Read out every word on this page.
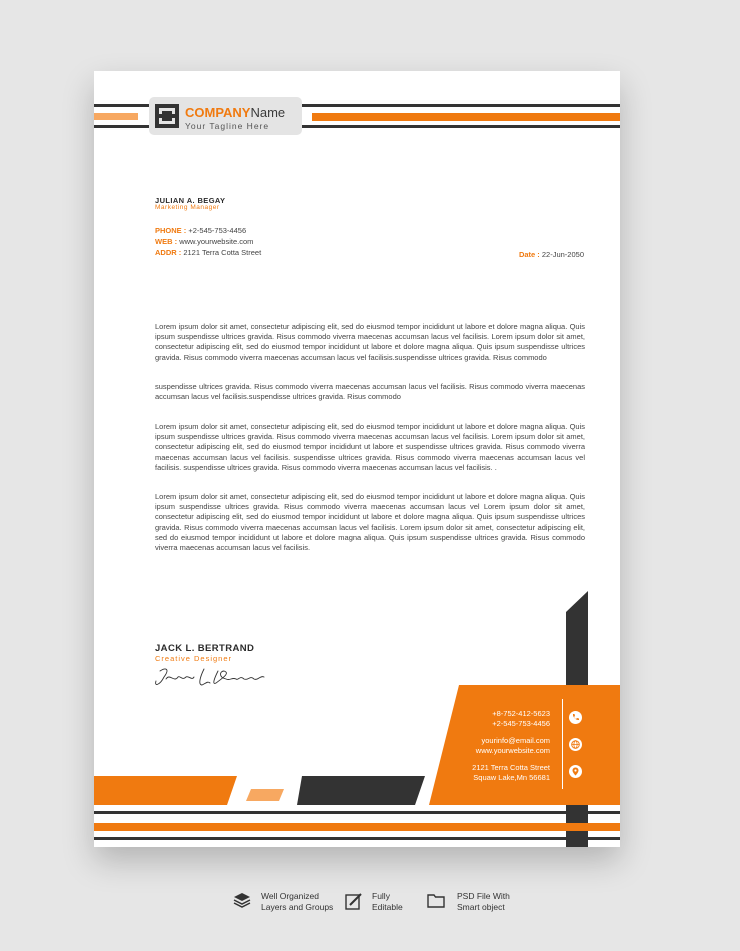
COMPANYName
Your Tagline Here
JULIAN A. BEGAY
Marketing Manager
PHONE : +2-545-753-4456
WEB : www.yourwebsite.com
ADDR : 2121 Terra Cotta Street	Date : 22-Jun-2050
Lorem ipsum dolor sit amet, consectetur adipiscing elit, sed do eiusmod tempor incididunt ut labore et dolore magna aliqua. Quis ipsum suspendisse ultrices gravida. Risus commodo viverra maecenas accumsan lacus vel facilisis. Lorem ipsum dolor sit amet, consectetur adipiscing elit, sed do eiusmod tempor incididunt ut labore et dolore magna aliqua. Quis ipsum suspendisse ultrices gravida. Risus commodo viverra maecenas accumsan lacus vel facilisis.suspendisse ultrices gravida. Risus commodo
suspendisse ultrices gravida. Risus commodo viverra maecenas accumsan lacus vel facilisis. Risus commodo viverra maecenas accumsan lacus vel facilisis.suspendisse ultrices gravida. Risus commodo
Lorem ipsum dolor sit amet, consectetur adipiscing elit, sed do eiusmod tempor incididunt ut labore et dolore magna aliqua. Quis ipsum suspendisse ultrices gravida. Risus commodo viverra maecenas accumsan lacus vel facilisis. Lorem ipsum dolor sit amet, consectetur adipiscing elit, sed do eiusmod tempor incididunt ut labore et suspendisse ultrices gravida. Risus commodo viverra maecenas accumsan lacus vel facilisis. suspendisse ultrices gravida. Risus commodo viverra maecenas accumsan lacus vel facilisis. suspendisse ultrices gravida. Risus commodo viverra maecenas accumsan lacus vel facilisis. .
Lorem ipsum dolor sit amet, consectetur adipiscing elit, sed do eiusmod tempor incididunt ut labore et dolore magna aliqua. Quis ipsum suspendisse ultrices gravida. Risus commodo viverra maecenas accumsan lacus vel Lorem ipsum dolor sit amet, consectetur adipiscing elit, sed do eiusmod tempor incididunt ut labore et dolore magna aliqua. Quis ipsum suspendisse ultrices gravida. Risus commodo viverra maecenas accumsan lacus vel facilisis. Lorem ipsum dolor sit amet, consectetur adipiscing elit, sed do eiusmod tempor incididunt ut labore et dolore magna aliqua. Quis ipsum suspendisse ultrices gravida. Risus commodo viverra maecenas accumsan lacus vel facilisis.
JACK L. BERTRAND
Creative Designer
+8-752-412-5623
+2-545-753-4456
yourinfo@email.com
www.yourwebsite.com
2121 Terra Cotta Street
Squaw Lake,Mn 56681
Well Organized
Layers and Groups
Fully
Editable
PSD File With
Smart object
